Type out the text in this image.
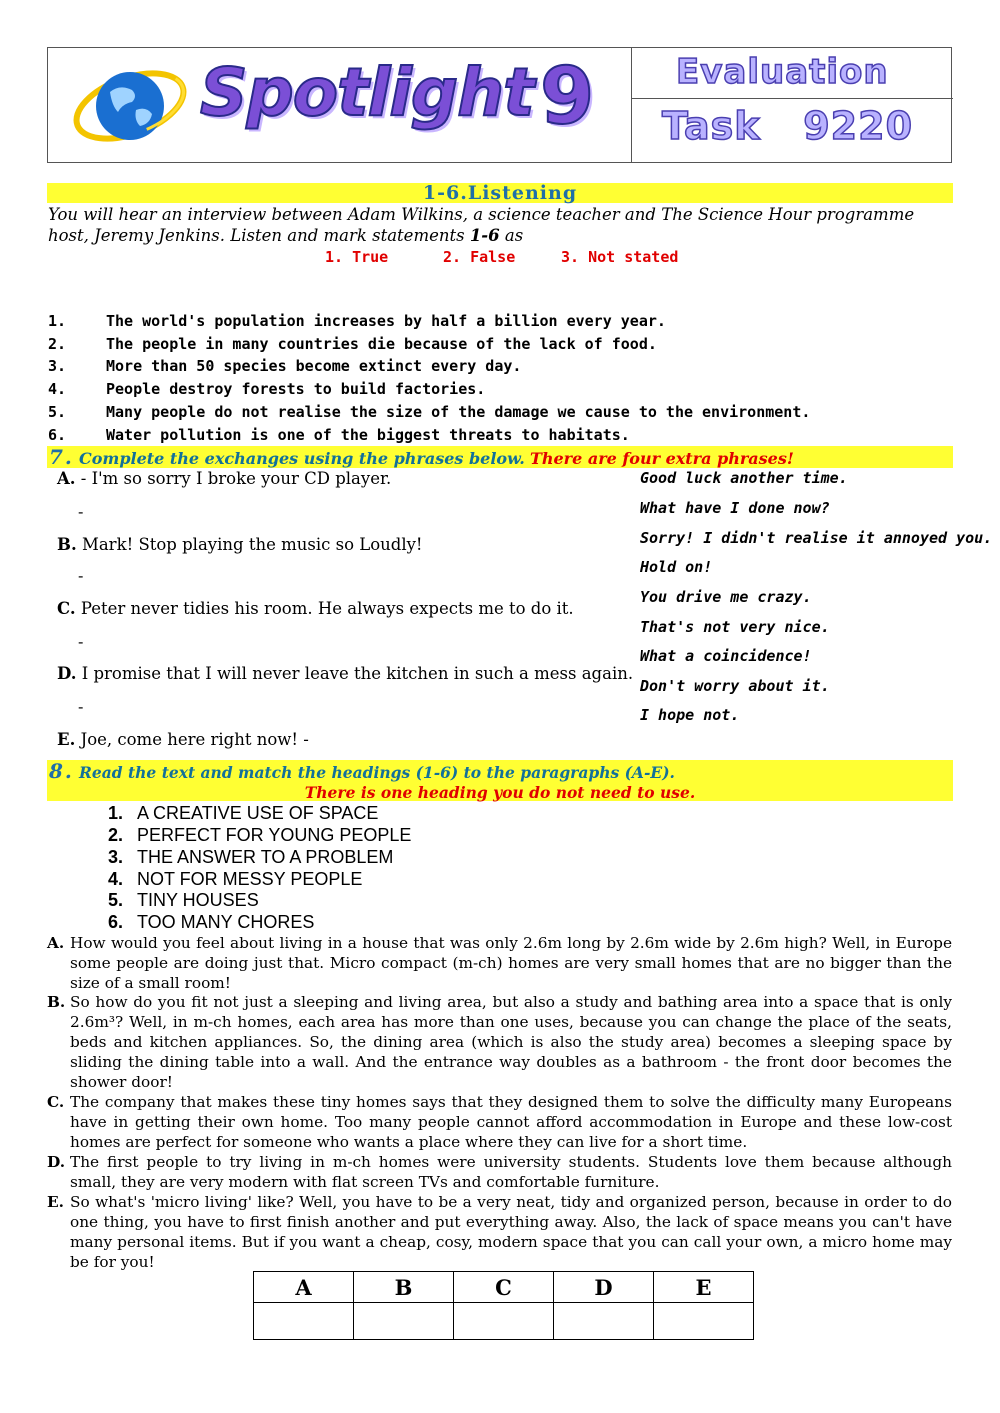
Spotlight 9 Evaluation
Task   9220
1-6.Listening
You will hear an interview between Adam Wilkins, a science teacher and The Science Hour programme host, Jeremy Jenkins. Listen and mark statements 1-6 as
1. True	2. False	3. Not stated
1.	The world's population increases by half a billion every year.
2.	The people in many countries die because of the lack of food.
3.	More than 50 species become extinct every day.
4.	People destroy forests to build factories.
5.	Many people do not realise the size of the damage we cause to the environment.
6.	Water pollution is one of the biggest threats to habitats.
7. Complete the exchanges using the phrases below. There are four extra phrases!
A. - I'm so sorry I broke your CD player.
-
B. Mark! Stop playing the music so Loudly!
-
C. Peter never tidies his room. He always expects me to do it.
-
D. I promise that I will never leave the kitchen in such a mess again.
-
E. Joe, come here right now! -
Good luck another time.
What have I done now?
Sorry! I didn't realise it annoyed you.
Hold on!
You drive me crazy.
That's not very nice.
What a coincidence!
Don't worry about it.
I hope not.
8. Read the text and match the headings (1-6) to the paragraphs (A-E).
There is one heading you do not need to use.
1. A CREATIVE USE OF SPACE
2. PERFECT FOR YOUNG PEOPLE
3. THE ANSWER TO A PROBLEM
4. NOT FOR MESSY PEOPLE
5. TINY HOUSES
6. TOO MANY CHORES
A. How would you feel about living in a house that was only 2.6m long by 2.6m wide by 2.6m high? Well, in Europe some people are doing just that. Micro compact (m-ch) homes are very small homes that are no bigger than the size of a small room!
B. So how do you fit not just a sleeping and living area, but also a study and bathing area into a space that is only 2.6m³? Well, in m-ch homes, each area has more than one uses, because you can change the place of the seats, beds and kitchen appliances. So, the dining area (which is also the study area) becomes a sleeping space by sliding the dining table into a wall. And the entrance way doubles as a bathroom - the front door becomes the shower door!
C. The company that makes these tiny homes says that they designed them to solve the difficulty many Europeans have in getting their own home. Too many people cannot afford accommodation in Europe and these low-cost homes are perfect for someone who wants a place where they can live for a short time.
D. The first people to try living in m-ch homes were university students. Students love them because although small, they are very modern with flat screen TVs and comfortable furniture.
E. So what's 'micro living' like? Well, you have to be a very neat, tidy and organized person, because in order to do one thing, you have to first finish another and put everything away. Also, the lack of space means you can't have many personal items. But if you want a cheap, cosy, modern space that you can call your own, a micro home may be for you!
A	B	C	D	E
